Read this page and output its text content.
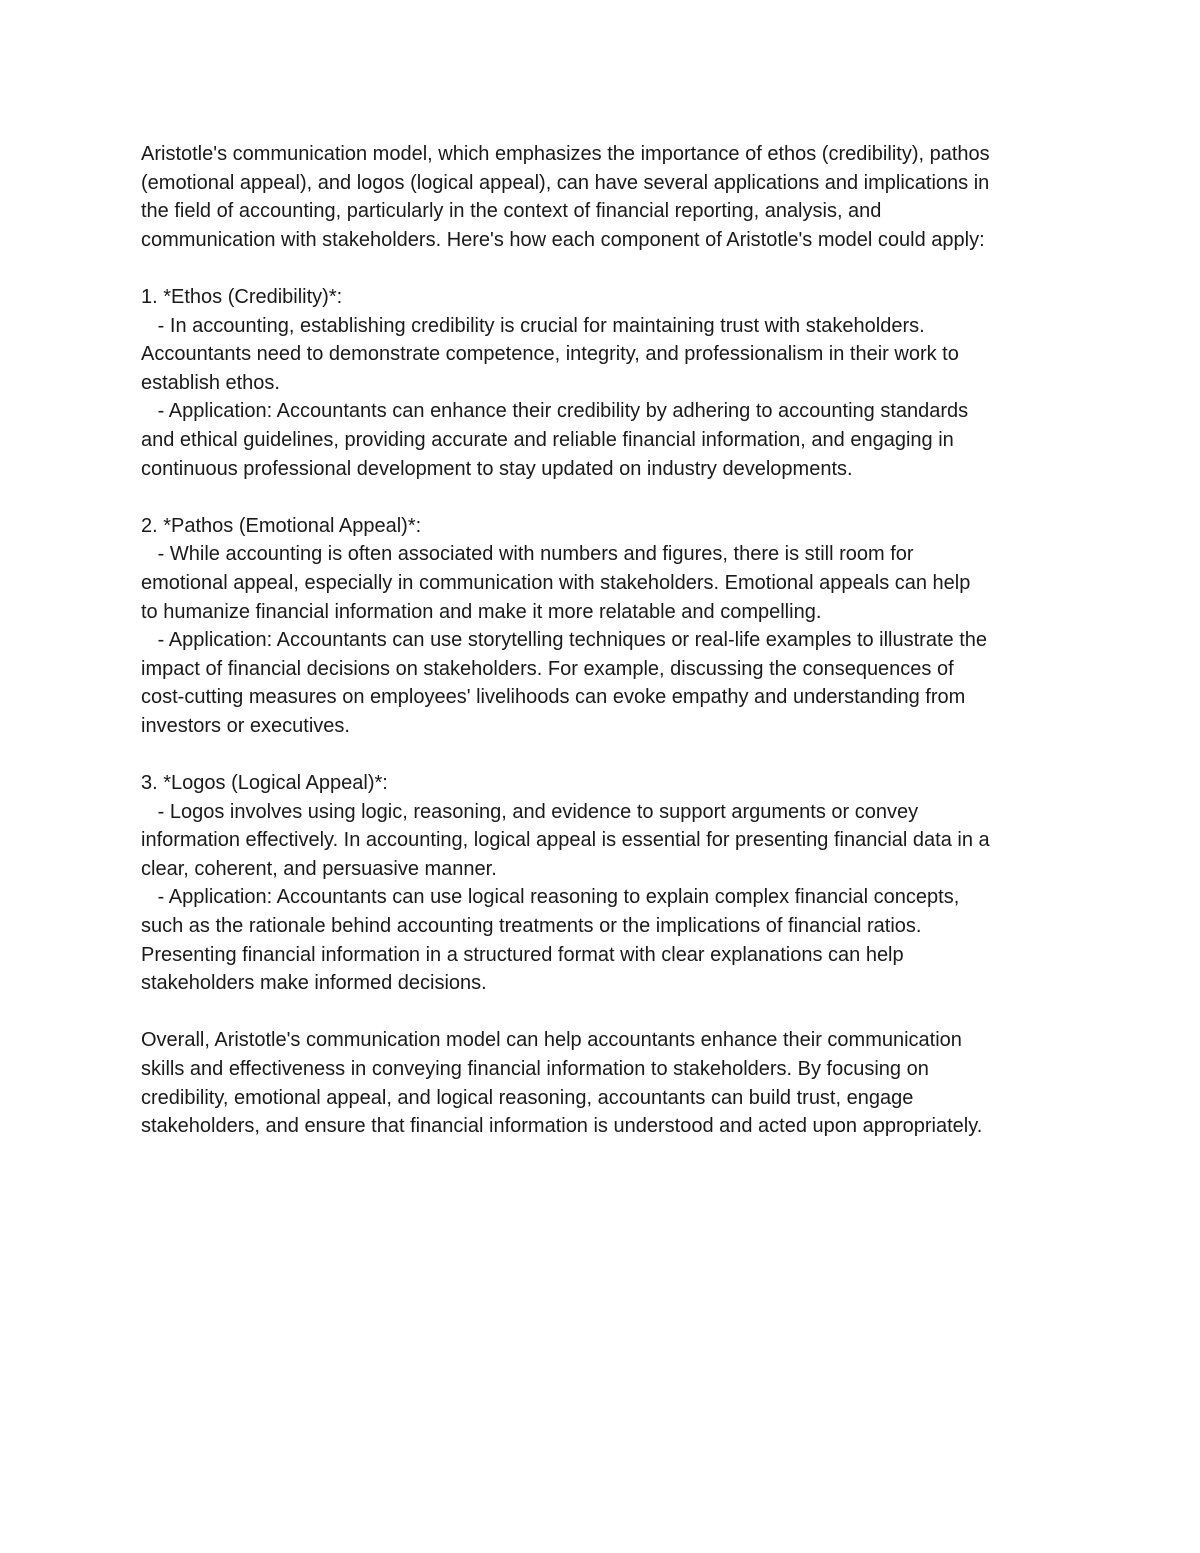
Aristotle's communication model, which emphasizes the importance of ethos (credibility), pathos
(emotional appeal), and logos (logical appeal), can have several applications and implications in
the field of accounting, particularly in the context of financial reporting, analysis, and
communication with stakeholders. Here's how each component of Aristotle's model could apply:
1. *Ethos (Credibility)*:
- In accounting, establishing credibility is crucial for maintaining trust with stakeholders.
Accountants need to demonstrate competence, integrity, and professionalism in their work to
establish ethos.
- Application: Accountants can enhance their credibility by adhering to accounting standards
and ethical guidelines, providing accurate and reliable financial information, and engaging in
continuous professional development to stay updated on industry developments.
2. *Pathos (Emotional Appeal)*:
- While accounting is often associated with numbers and figures, there is still room for
emotional appeal, especially in communication with stakeholders. Emotional appeals can help
to humanize financial information and make it more relatable and compelling.
- Application: Accountants can use storytelling techniques or real-life examples to illustrate the
impact of financial decisions on stakeholders. For example, discussing the consequences of
cost-cutting measures on employees' livelihoods can evoke empathy and understanding from
investors or executives.
3. *Logos (Logical Appeal)*:
- Logos involves using logic, reasoning, and evidence to support arguments or convey
information effectively. In accounting, logical appeal is essential for presenting financial data in a
clear, coherent, and persuasive manner.
- Application: Accountants can use logical reasoning to explain complex financial concepts,
such as the rationale behind accounting treatments or the implications of financial ratios.
Presenting financial information in a structured format with clear explanations can help
stakeholders make informed decisions.
Overall, Aristotle's communication model can help accountants enhance their communication
skills and effectiveness in conveying financial information to stakeholders. By focusing on
credibility, emotional appeal, and logical reasoning, accountants can build trust, engage
stakeholders, and ensure that financial information is understood and acted upon appropriately.
